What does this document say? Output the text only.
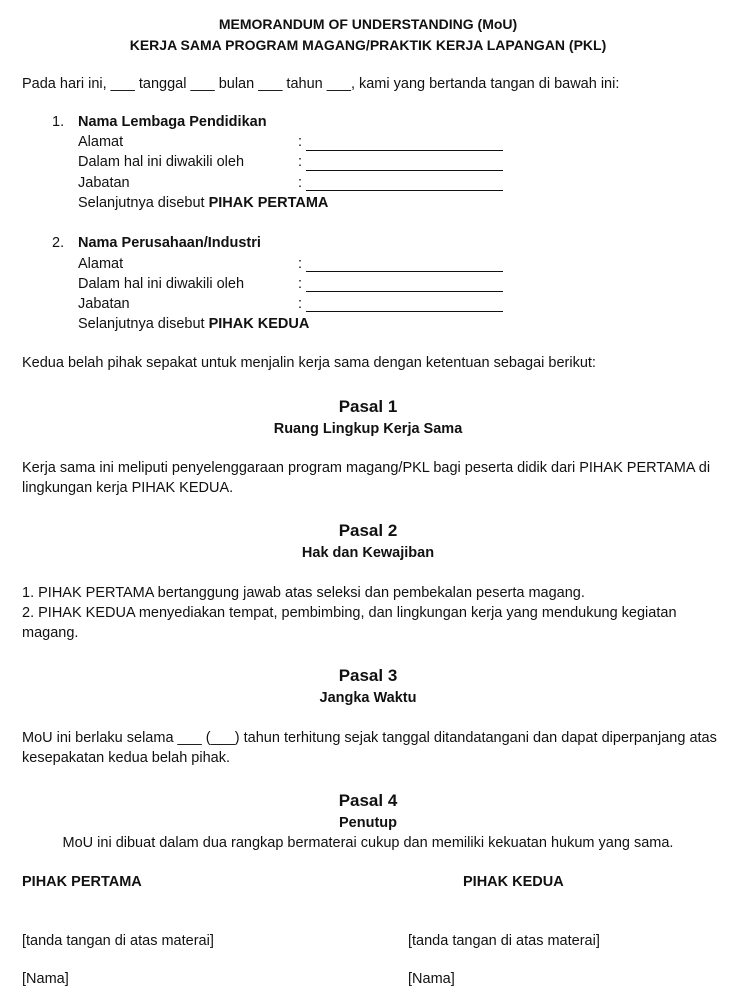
MEMORANDUM OF UNDERSTANDING (MoU)
KERJA SAMA PROGRAM MAGANG/PRAKTIK KERJA LAPANGAN (PKL)
Pada hari ini, ___ tanggal ___ bulan ___ tahun ___, kami yang bertanda tangan di bawah ini:
1. Nama Lembaga Pendidikan
Alamat	:
Dalam hal ini diwakili oleh	:
Jabatan	:
Selanjutnya disebut PIHAK PERTAMA
2. Nama Perusahaan/Industri
Alamat	:
Dalam hal ini diwakili oleh	:
Jabatan	:
Selanjutnya disebut PIHAK KEDUA
Kedua belah pihak sepakat untuk menjalin kerja sama dengan ketentuan sebagai berikut:
Pasal 1
Ruang Lingkup Kerja Sama
Kerja sama ini meliputi penyelenggaraan program magang/PKL bagi peserta didik dari PIHAK PERTAMA di lingkungan kerja PIHAK KEDUA.
Pasal 2
Hak dan Kewajiban
1. PIHAK PERTAMA bertanggung jawab atas seleksi dan pembekalan peserta magang.
2. PIHAK KEDUA menyediakan tempat, pembimbing, dan lingkungan kerja yang mendukung kegiatan magang.
Pasal 3
Jangka Waktu
MoU ini berlaku selama ___ (___) tahun terhitung sejak tanggal ditandatangani dan dapat diperpanjang atas kesepakatan kedua belah pihak.
Pasal 4
Penutup
MoU ini dibuat dalam dua rangkap bermaterai cukup dan memiliki kekuatan hukum yang sama.
PIHAK PERTAMA	PIHAK KEDUA
[tanda tangan di atas materai]	[tanda tangan di atas materai]
[Nama]	[Nama]
